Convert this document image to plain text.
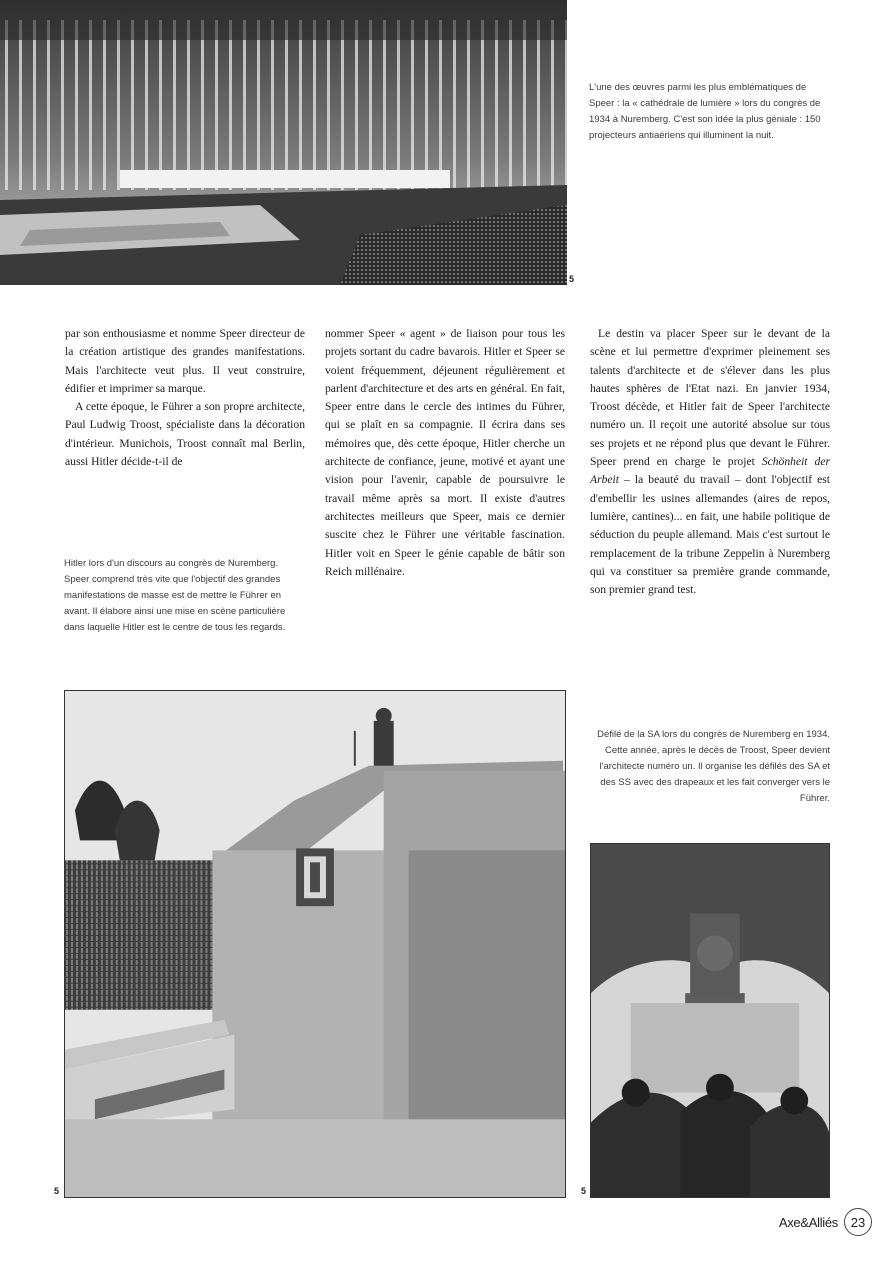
5
L'une des œuvres parmi les plus emblématiques de Speer : la « cathédrale de lumière » lors du congrès de 1934 à Nuremberg. C'est son idée la plus géniale : 150 projecteurs antiaériens qui illuminent la nuit.

par son enthousiasme et nomme Speer directeur de la création artistique des grandes manifestations. Mais l'architecte veut plus. Il veut construire, édifier et imprimer sa marque.

A cette époque, le Führer a son propre architecte, Paul Ludwig Troost, spécialiste dans la décoration d'intérieur. Munichois, Troost connaît mal Berlin, aussi Hitler décide-t-il de

nommer Speer « agent » de liaison pour tous les projets sortant du cadre bavarois. Hitler et Speer se voient fréquemment, déjeunent régulièrement et parlent d'architecture et des arts en général. En fait, Speer entre dans le cercle des intimes du Führer, qui se plaît en sa compagnie. Il écrira dans ses mémoires que, dès cette époque, Hitler cherche un architecte de confiance, jeune, motivé et ayant une vision pour l'avenir, capable de poursuivre le travail même après sa mort. Il existe d'autres architectes meilleurs que Speer, mais ce dernier suscite chez le Führer une véritable fascination. Hitler voit en Speer le génie capable de bâtir son Reich millénaire.

Le destin va placer Speer sur le devant de la scène et lui permettre d'exprimer pleinement ses talents d'architecte et de s'élever dans les plus hautes sphères de l'Etat nazi. En janvier 1934, Troost décède, et Hitler fait de Speer l'architecte numéro un. Il reçoit une autorité absolue sur tous ses projets et ne répond plus que devant le Führer. Speer prend en charge le projet Schönheit der Arbeit – la beauté du travail – dont l'objectif est d'embellir les usines allemandes (aires de repos, lumière, cantines)... en fait, une habile politique de séduction du peuple allemand. Mais c'est surtout le remplacement de la tribune Zeppelin à Nuremberg qui va constituer sa première grande commande, son premier grand test.

Hitler lors d'un discours au congrès de Nuremberg. Speer comprend très vite que l'objectif des grandes manifestations de masse est de mettre le Führer en avant. Il élabore ainsi une mise en scène particulière dans laquelle Hitler est le centre de tous les regards.
5
Défilé de la SA lors du congrès de Nuremberg en 1934. Cette année, après le décès de Troost, Speer devient l'architecte numéro un. Il organise les défilés des SA et des SS avec des drapeaux et les fait converger vers le Führer.
5
Axe&Alliés 23
